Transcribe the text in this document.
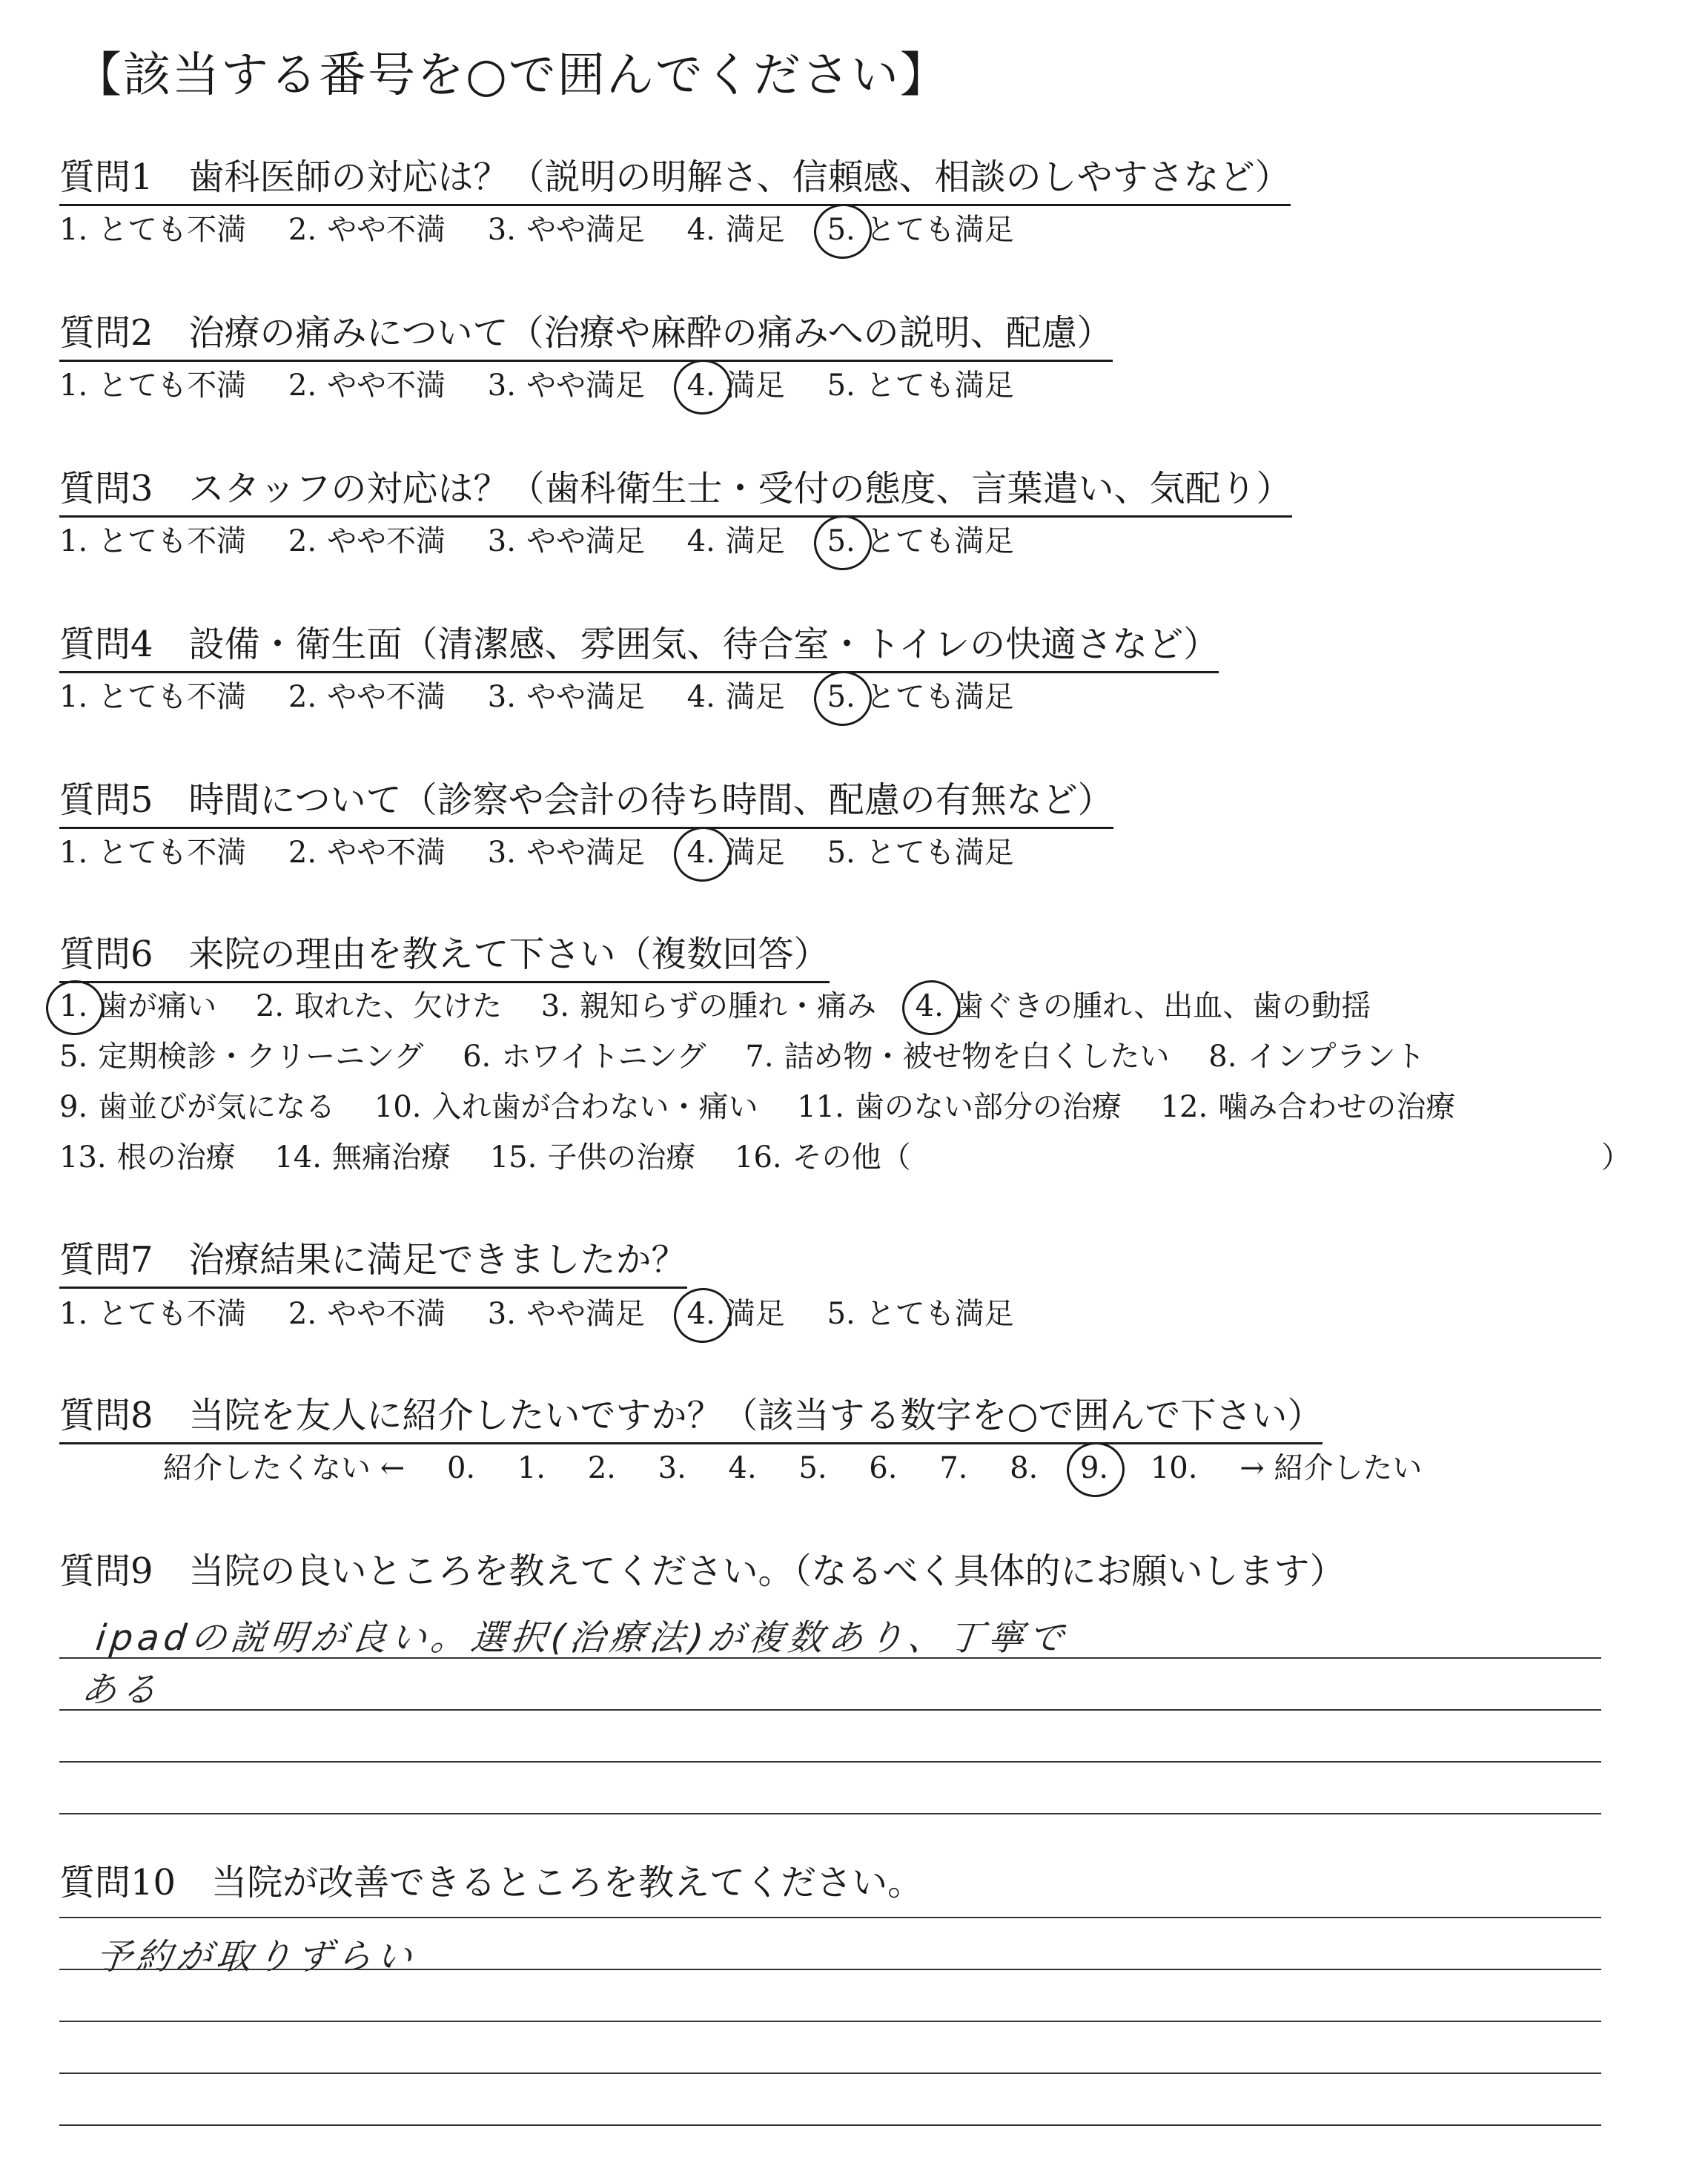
【該当する番号を○で囲んでください】
質問1　歯科医師の対応は？（説明の明解さ、信頼感、相談のしやすさなど）
1. とても不満 2. やや不満 3. やや満足 4. 満足 5. とても満足
質問2　治療の痛みについて（治療や麻酔の痛みへの説明、配慮）
1. とても不満 2. やや不満 3. やや満足 4. 満足 5. とても満足
質問3　スタッフの対応は？（歯科衛生士・受付の態度、言葉遣い、気配り）
1. とても不満 2. やや不満 3. やや満足 4. 満足 5. とても満足
質問4　設備・衛生面（清潔感、雰囲気、待合室・トイレの快適さなど）
1. とても不満 2. やや不満 3. やや満足 4. 満足 5. とても満足
質問5　時間について（診察や会計の待ち時間、配慮の有無など）
1. とても不満 2. やや不満 3. やや満足 4. 満足 5. とても満足
質問6　来院の理由を教えて下さい（複数回答）
1. 歯が痛い 2. 取れた、欠けた 3. 親知らずの腫れ・痛み 4. 歯ぐきの腫れ、出血、歯の動揺
5. 定期検診・クリーニング 6. ホワイトニング 7. 詰め物・被せ物を白くしたい 8. インプラント
9. 歯並びが気になる 10. 入れ歯が合わない・痛い 11. 歯のない部分の治療 12. 噛み合わせの治療
13. 根の治療 14. 無痛治療 15. 子供の治療 16. その他（	）
質問7　治療結果に満足できましたか？
1. とても不満 2. やや不満 3. やや満足 4. 満足 5. とても満足
質問8　当院を友人に紹介したいですか？（該当する数字を○で囲んで下さい）
紹介したくない ← 0. 1. 2. 3. 4. 5. 6. 7. 8. 9. 10. → 紹介したい
質問9　当院の良いところを教えてください。（なるべく具体的にお願いします）
ipadの説明が良い。選択(治療法)が複数あり、丁寧で
ある
質問10　当院が改善できるところを教えてください。
予約が取りずらい
